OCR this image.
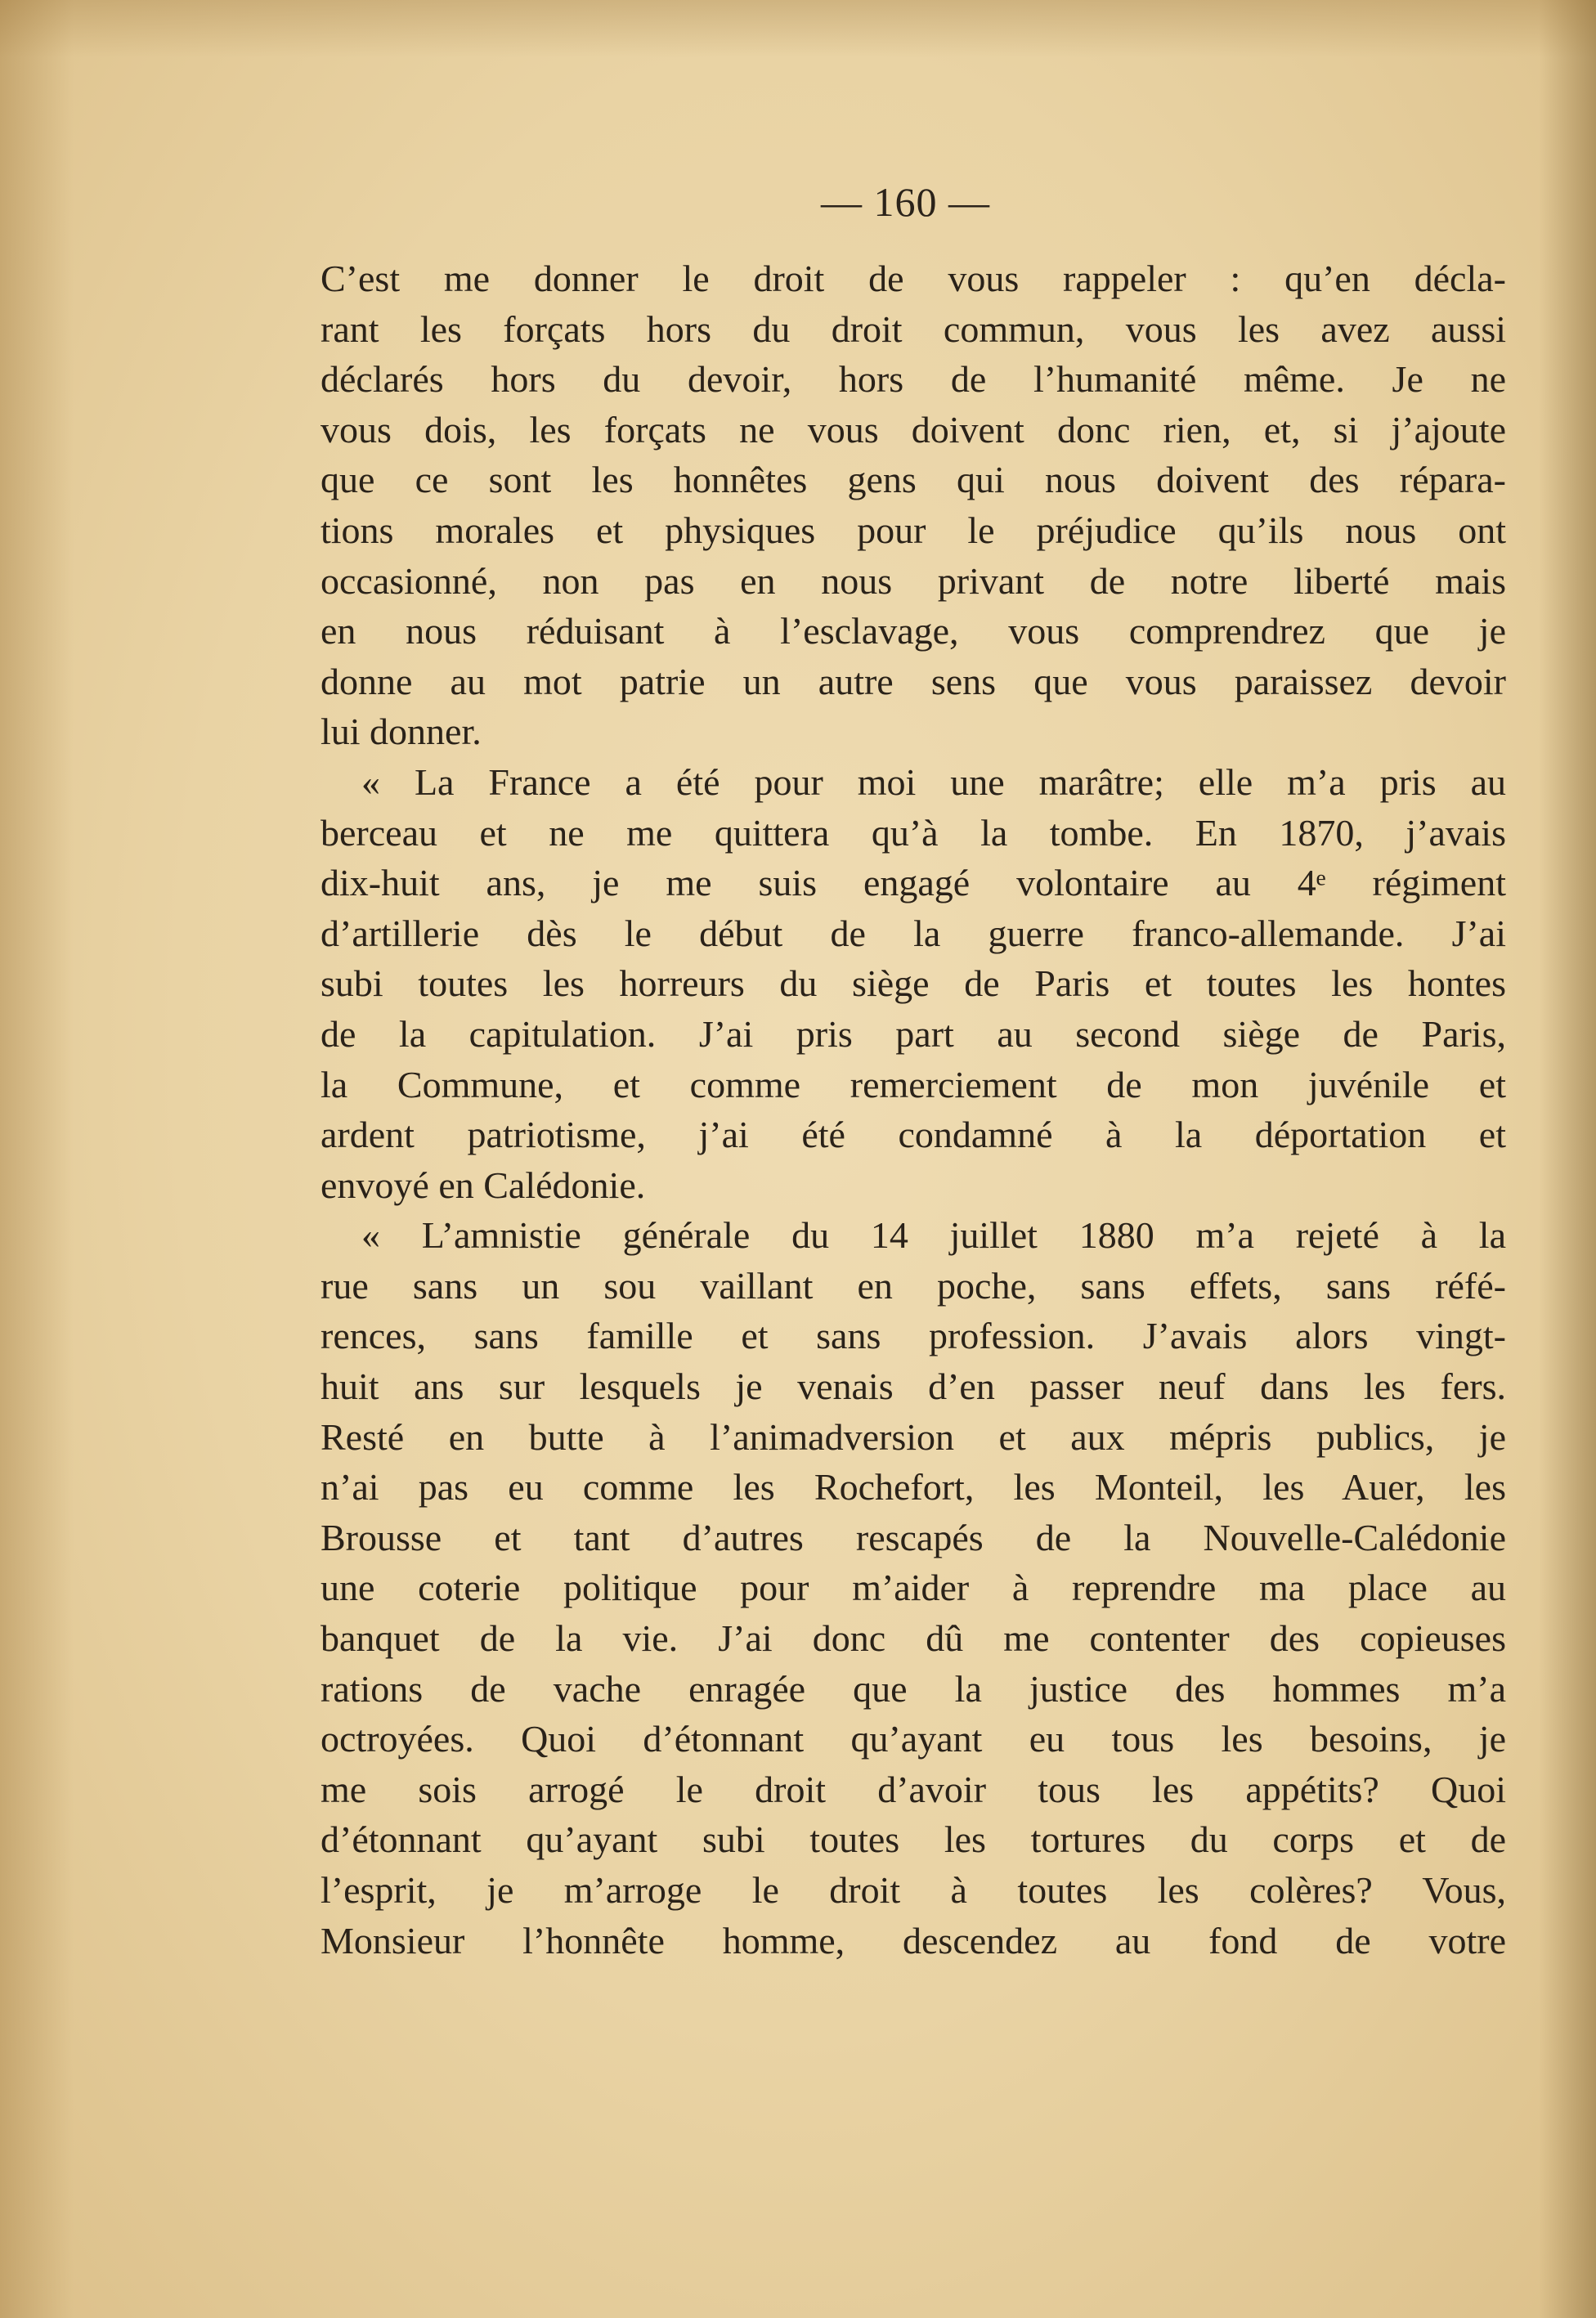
— 160 —
C’est me donner le droit de vous rappeler : qu’en décla-
rant les forçats hors du droit commun, vous les avez aussi
déclarés hors du devoir, hors de l’humanité même. Je ne
vous dois, les forçats ne vous doivent donc rien, et, si j’ajoute
que ce sont les honnêtes gens qui nous doivent des répara-
tions morales et physiques pour le préjudice qu’ils nous ont
occasionné, non pas en nous privant de notre liberté mais
en nous réduisant à l’esclavage, vous comprendrez que je
donne au mot patrie un autre sens que vous paraissez devoir
lui donner.
« La France a été pour moi une marâtre; elle m’a pris au
berceau et ne me quittera qu’à la tombe. En 1870, j’avais
dix-huit ans, je me suis engagé volontaire au 4ᵉ régiment
d’artillerie dès le début de la guerre franco-allemande. J’ai
subi toutes les horreurs du siège de Paris et toutes les hontes
de la capitulation. J’ai pris part au second siège de Paris,
la Commune, et comme remerciement de mon juvénile et
ardent patriotisme, j’ai été condamné à la déportation et
envoyé en Calédonie.
« L’amnistie générale du 14 juillet 1880 m’a rejeté à la
rue sans un sou vaillant en poche, sans effets, sans réfé-
rences, sans famille et sans profession. J’avais alors vingt-
huit ans sur lesquels je venais d’en passer neuf dans les fers.
Resté en butte à l’animadversion et aux mépris publics, je
n’ai pas eu comme les Rochefort, les Monteil, les Auer, les
Brousse et tant d’autres rescapés de la Nouvelle-Calédonie
une coterie politique pour m’aider à reprendre ma place au
banquet de la vie. J’ai donc dû me contenter des copieuses
rations de vache enragée que la justice des hommes m’a
octroyées. Quoi d’étonnant qu’ayant eu tous les besoins, je
me sois arrogé le droit d’avoir tous les appétits? Quoi
d’étonnant qu’ayant subi toutes les tortures du corps et de
l’esprit, je m’arroge le droit à toutes les colères? Vous,
Monsieur l’honnête homme, descendez au fond de votre
